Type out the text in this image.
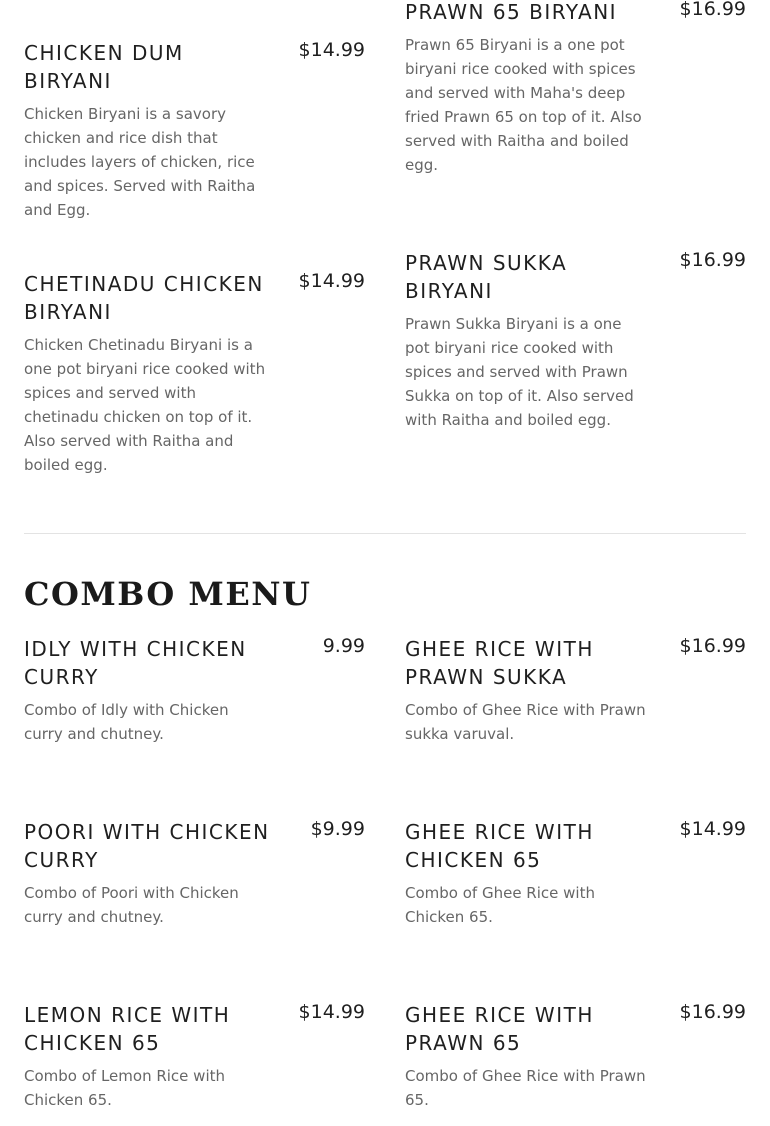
CHICKEN DUM BIRYANI
$14.99

Chicken Biryani is a savory chicken and rice dish that includes layers of chicken, rice and spices. Served with Raitha and Egg.

CHETINADU CHICKEN BIRYANI
$14.99

Chicken Chetinadu Biryani is a one pot biryani rice cooked with spices and served with chetinadu chicken on top of it. Also served with Raitha and boiled egg.

PRAWN 65 BIRYANI	$16.99

Prawn 65 Biryani is a one pot biryani rice cooked with spices and served with Maha's deep fried Prawn 65 on top of it. Also served with Raitha and boiled egg.

PRAWN SUKKA BIRYANI
$16.99

Prawn Sukka Biryani is a one pot biryani rice cooked with spices and served with Prawn Sukka on top of it. Also served with Raitha and boiled egg.

COMBO MENU
IDLY WITH CHICKEN CURRY
9.99

Combo of Idly with Chicken curry and chutney.

POORI WITH CHICKEN CURRY
$9.99

Combo of Poori with Chicken curry and chutney.

LEMON RICE WITH CHICKEN 65
$14.99

Combo of Lemon Rice with Chicken 65.

GHEE RICE WITH PRAWN SUKKA
$16.99

Combo of Ghee Rice with Prawn sukka varuval.

GHEE RICE WITH CHICKEN 65
$14.99

Combo of Ghee Rice with Chicken 65.

GHEE RICE WITH PRAWN 65
$16.99

Combo of Ghee Rice with Prawn 65.
